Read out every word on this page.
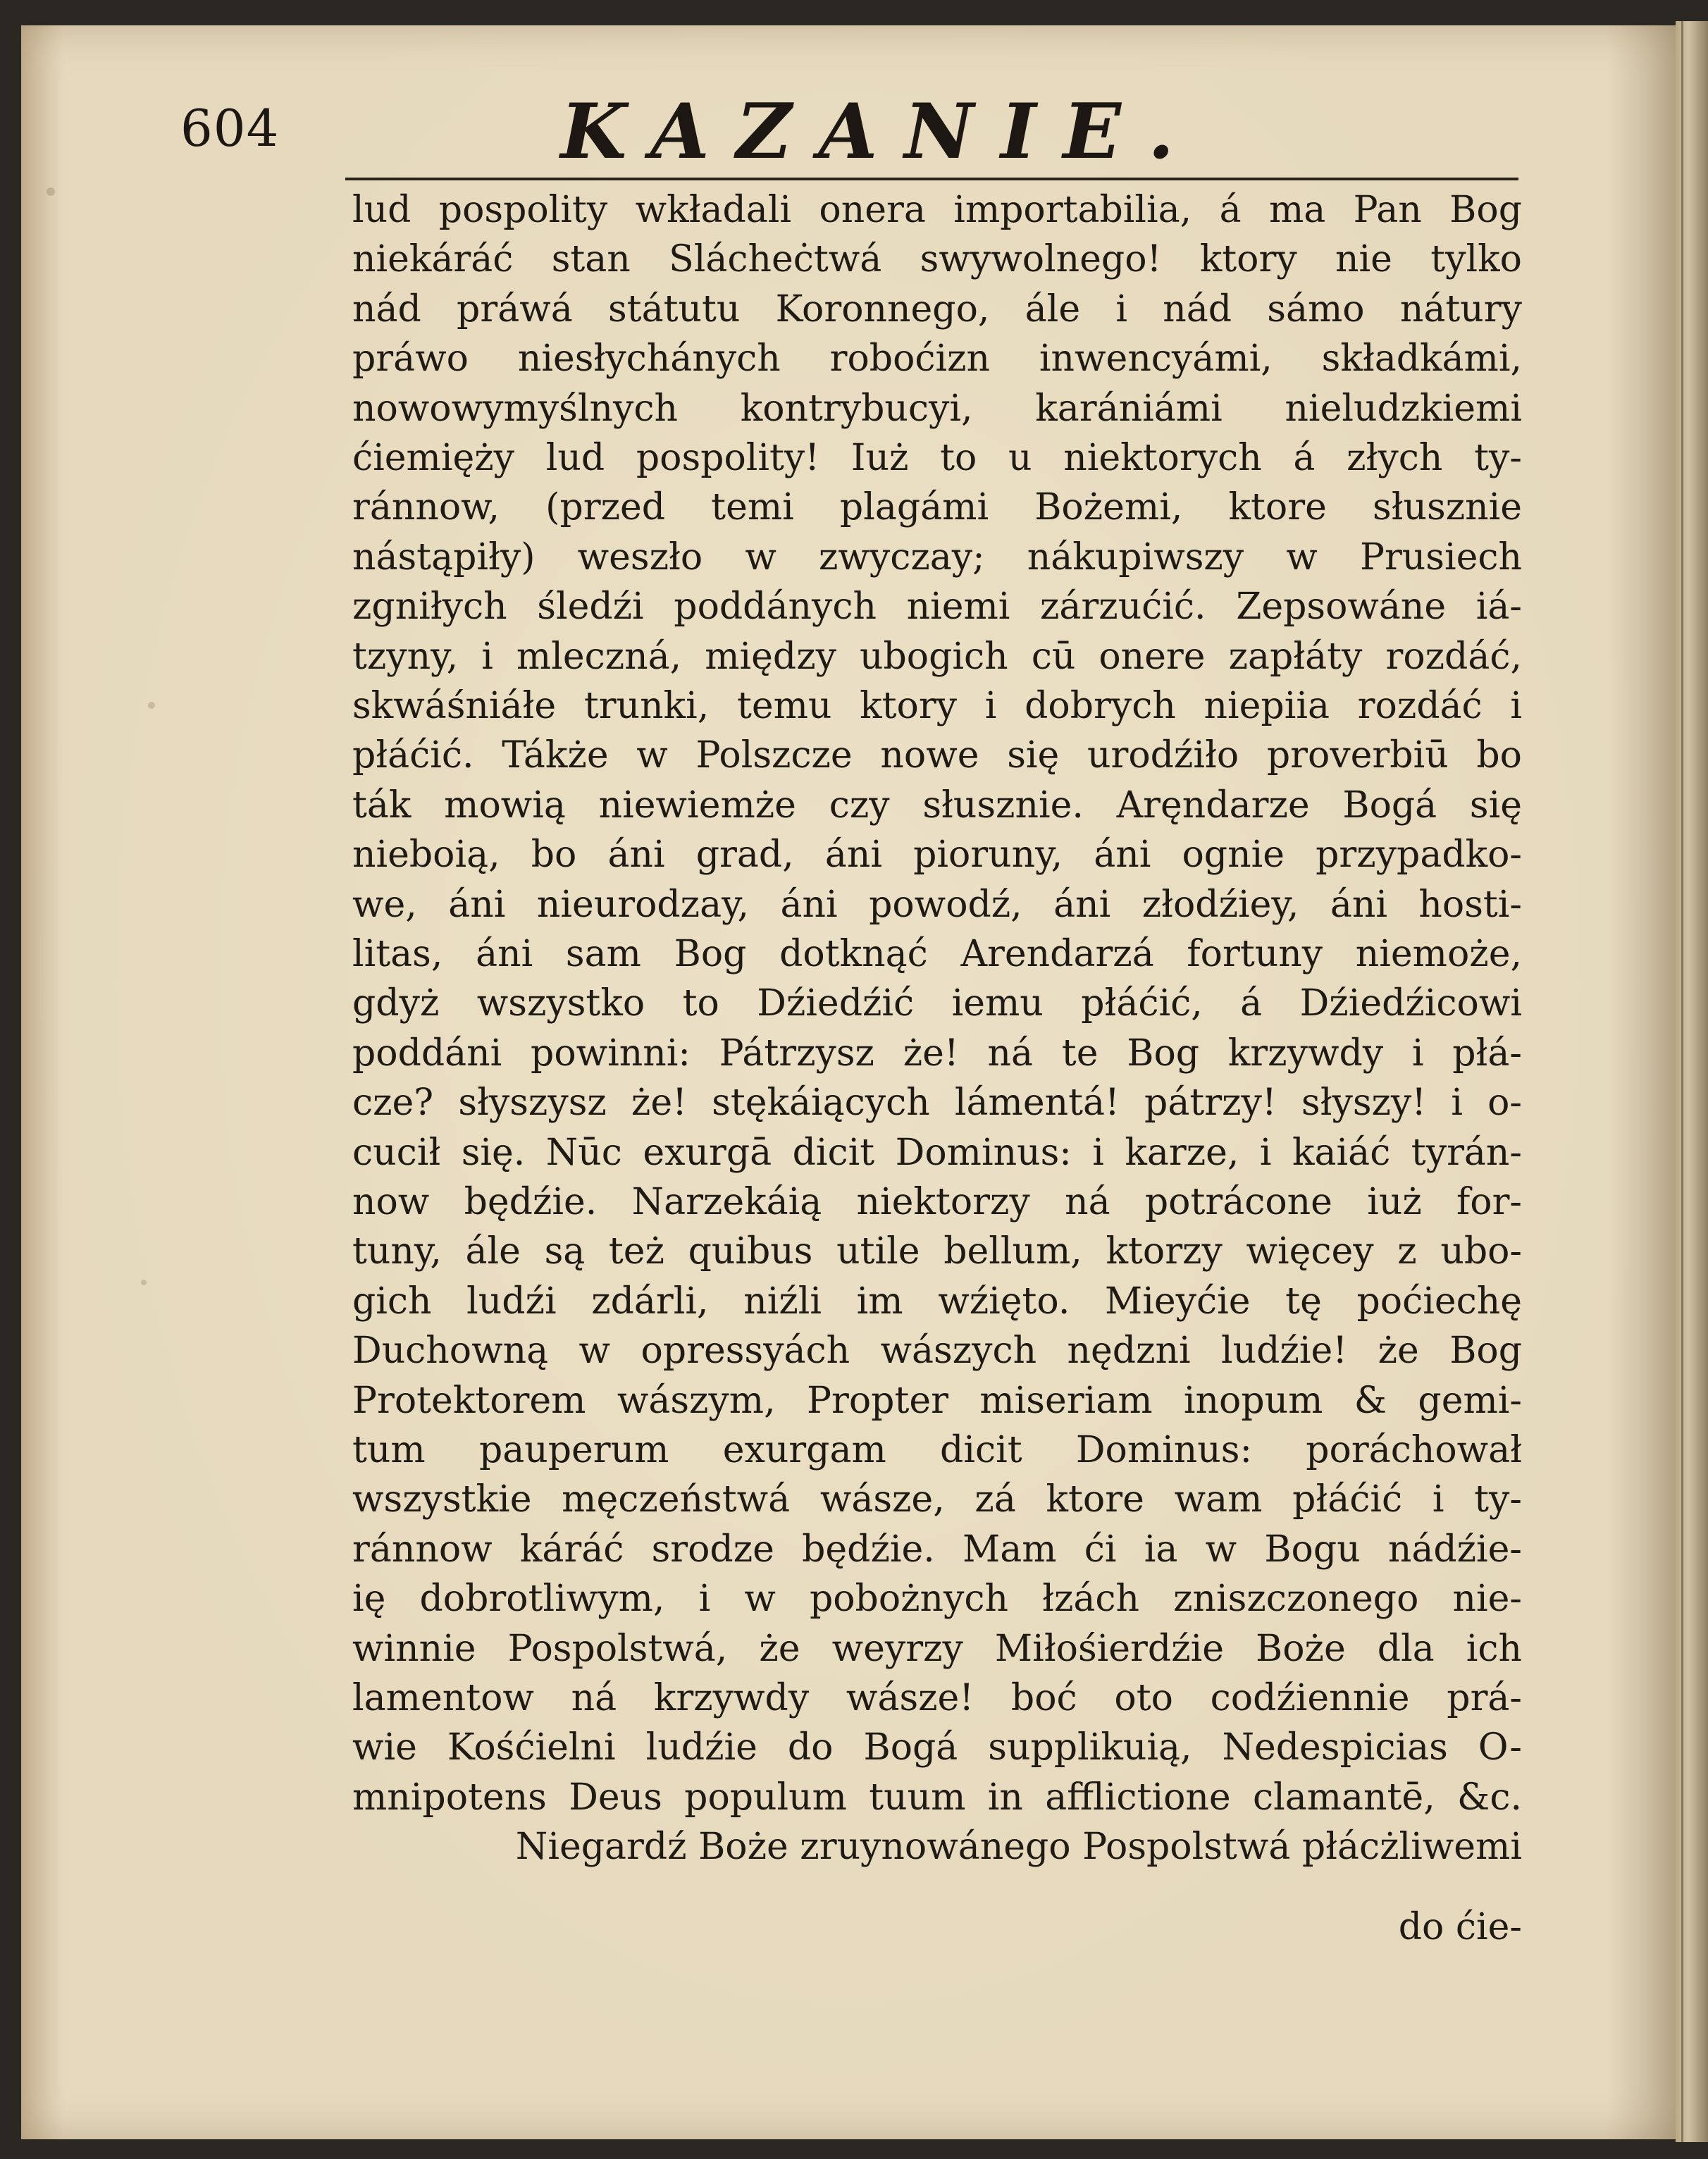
604	KAZANIE.
lud pospolity wkładali onera importabilia, á ma Pan Bog
niekáráć stan Slácheċtwá swywolnego! ktory nie tylko
nád práwá státutu Koronnego, ále i nád sámo nátury
práwo niesłychánych roboćizn inwencyámi, składkámi,
nowowymyślnych kontrybucyi, karániámi nieludzkiemi
ćiemięży lud pospolity! Iuż to u niektorych á złych ty-
ránnow, (przed temi plagámi Bożemi, ktore słusznie
nástąpiły) weszło w zwyczay; nákupiwszy w Prusiech
zgniłych śledźi poddánych niemi zárzućić. Zepsowáne iá-
tzyny, i mleczná, między ubogich cū onere zapłáty rozdáć,
skwáśniáłe trunki, temu ktory i dobrych niepiia rozdáć i
płáćić. Tákże w Polszcze nowe się urodźiło proverbiū bo
ták mowią niewiemże czy słusznie. Aręndarze Bogá się
nieboią, bo áni grad, áni pioruny, áni ognie przypadko-
we, áni nieurodzay, áni powodź, áni złodźiey, áni hosti-
litas, áni sam Bog dotknąć Arendarzá fortuny niemoże,
gdyż wszystko to Dźiedźić iemu płáćić, á Dźiedźicowi
poddáni powinni: Pátrzysz że! ná te Bog krzywdy i płá-
cze? słyszysz że! stękáiących lámentá! pátrzy! słyszy! i o-
cucił się. Nūc exurgā dicit Dominus: i karze, i kaiáć tyrán-
now będźie. Narzekáią niektorzy ná potrácone iuż for-
tuny, ále są też quibus utile bellum, ktorzy więcey z ubo-
gich ludźi zdárli, niźli im wźięto. Mieyćie tę poćiechę
Duchowną w opressyách wászych nędzni ludźie! że Bog
Protektorem wászym, Propter miseriam inopum & gemi-
tum pauperum exurgam dicit Dominus: poráchował
wszystkie męczeństwá wásze, zá ktore wam płáćić i ty-
ránnow káráć srodze będźie. Mam ći ia w Bogu nádźie-
ię dobrotliwym, i w pobożnych łzách zniszczonego nie-
winnie Pospolstwá, że weyrzy Miłośierdźie Boże dla ich
lamentow ná krzywdy wásze! boć oto codźiennie prá-
wie Kośćielni ludźie do Bogá supplikuią, Nedespicias O-
mnipotens Deus populum tuum in afflictione clamantē, &c.
Niegardź Boże zruynowánego Pospolstwá płácżliwemi
do ćie-
